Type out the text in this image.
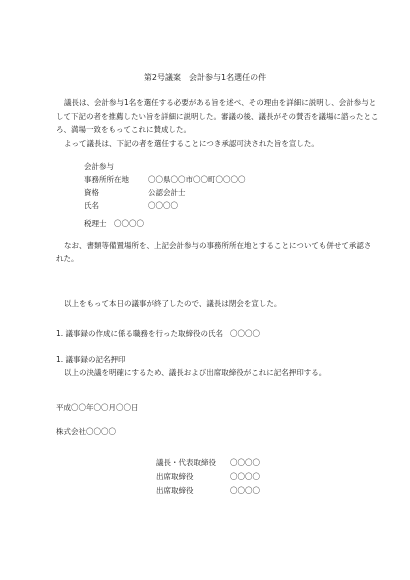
第2号議案　会計参与1名選任の件

議長は、会計参与1名を選任する必要がある旨を述べ、その理由を詳細に説明し、会計参与と

して下記の者を推薦したい旨を詳細に説明した。審議の後、議長がその賛否を議場に諮ったとこ

ろ、満場一致をもってこれに賛成した。

よって議長は、下記の者を選任することにつき承認可決された旨を宣した。

会計参与
事務所所在地	〇〇県〇〇市〇〇町〇〇〇〇
資格	公認会計士
氏名	〇〇〇〇
税理士　〇〇〇〇

なお、書類等備置場所を、上記会計参与の事務所所在地とすることについても併せて承認さ

れた。

以上をもって本日の議事が終了したので、議長は閉会を宣した。

1. 議事録の作成に係る職務を行った取締役の氏名 〇〇〇〇
1. 議事録の記名押印
以上の決議を明確にするため、議長および出席取締役がこれに記名押印する。
平成〇〇年〇〇月〇〇日
株式会社〇〇〇〇
議長・代表取締役 〇〇〇〇
出席取締役	〇〇〇〇
出席取締役	〇〇〇〇
